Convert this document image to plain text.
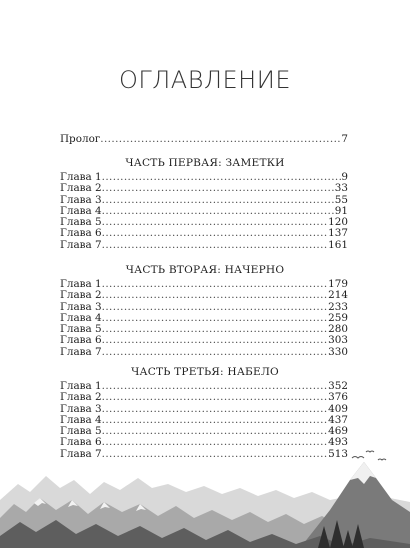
ОГЛАВЛЕНИЕ
Пролог .....	7
ЧАСТЬ ПЕРВАЯ: ЗАМЕТКИ
Глава 1 .....	9
Глава 2 .....	33
Глава 3 .....	55
Глава 4 .....	91
Глава 5 .....	120
Глава 6 .....	137
Глава 7 .....	161
ЧАСТЬ ВТОРАЯ: НАЧЕРНО
Глава 1 .....	179
Глава 2 .....	214
Глава 3 .....	233
Глава 4 .....	259
Глава 5 .....	280
Глава 6 .....	303
Глава 7 .....	330
ЧАСТЬ ТРЕТЬЯ: НАБЕЛО
Глава 1 .....	352
Глава 2 .....	376
Глава 3 .....	409
Глава 4 .....	437
Глава 5 .....	469
Глава 6 .....	493
Глава 7 .....	513
